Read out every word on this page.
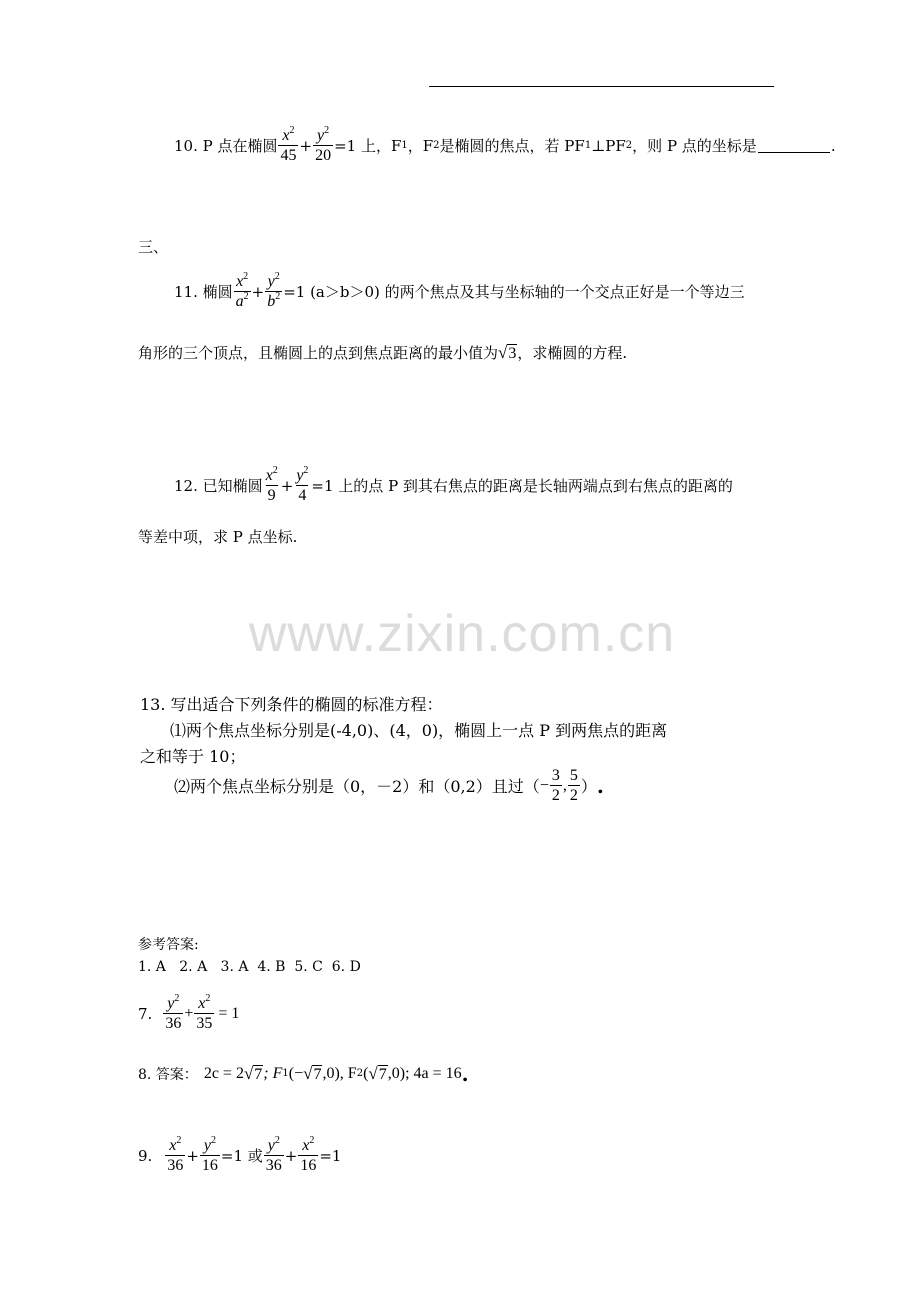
10. P 点在椭圆 $\frac{x^2}{45} + \frac{y^2}{20} =1$ 上，F 1 ，F 2 是椭圆的焦点，若 PF 1 ⊥PF 2 ，则 P 点的坐标是	.
三、
11. 椭圆 $\frac{x^2}{a^2} + \frac{y^2}{b^2} =1$ (a＞b＞0) 的两个焦点及其与坐标轴的一个交点正好是一个等边三
角形的三个顶点，且椭圆上的点到焦点距离的最小值为 √ 3 ，求椭圆的方程.
12. 已知椭圆 $\frac{x^2}{9} + \frac{y^2}{4} =1$ 上的点 P 到其右焦点的距离是长轴两端点到右焦点的距离的
等差中项，求 P 点坐标.
www.zixin.com.cn
13. 写出适合下列条件的椭圆的标准方程：
⑴两个焦点坐标分别是(-4,0)、(4，0)，椭圆上一点 P 到两焦点的距离
之和等于 10；
⑵两个焦点坐标分别是（0，－2）和（0,2）且过（ − $\frac{3}{2}$ , $\frac{5}{2}$ ） .
参考答案:
1. A   2. A   3. A  4. B  5. C  6. D
7. $\frac{y^2}{36} + \frac{x^2}{35} = 1$
8. 答案： 2c = 2 √ 7 ; F 1 (− √ 7 ,0), F 2 ( √ 7 ,0); 4a = 16 .
9. $\frac{x^2}{36} + \frac{y^2}{16} =1$ 或 $\frac{y^2}{36} + \frac{x^2}{16} =1$
